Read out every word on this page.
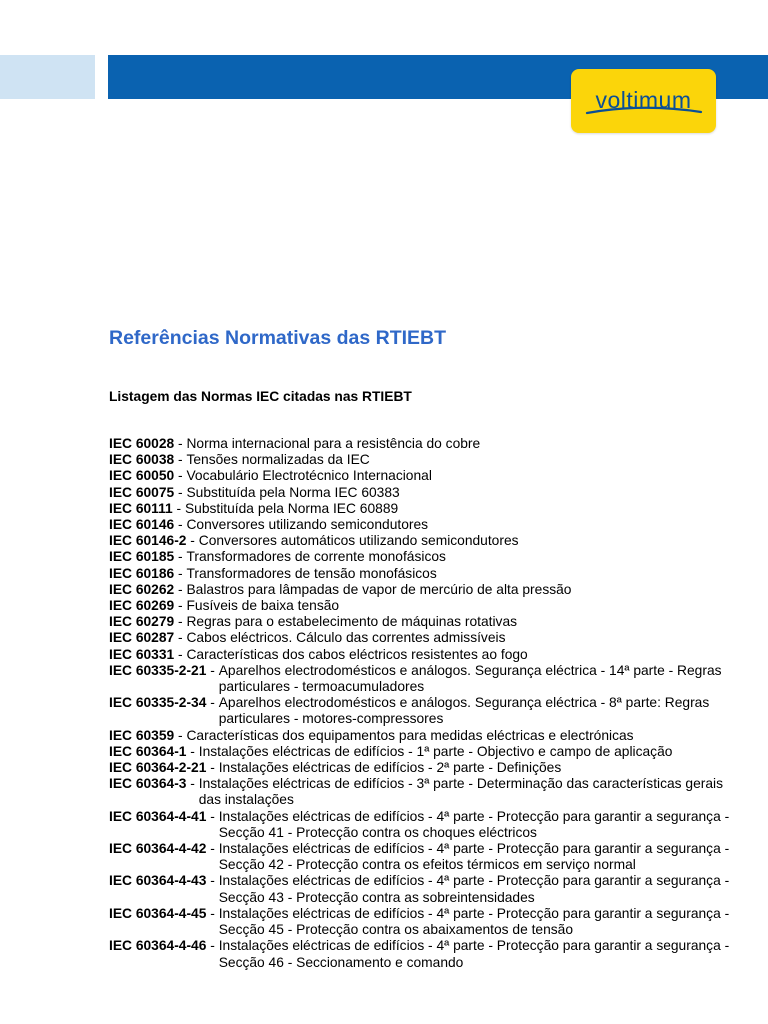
voltimum
Referências Normativas das RTIEBT
Listagem das Normas IEC citadas nas RTIEBT
IEC 60028 - Norma internacional para a resistência do cobre
IEC 60038 - Tensões normalizadas da IEC
IEC 60050 - Vocabulário Electrotécnico Internacional
IEC 60075 - Substituída pela Norma IEC 60383
IEC 60111 - Substituída pela Norma IEC 60889
IEC 60146 - Conversores utilizando semicondutores
IEC 60146-2 - Conversores automáticos utilizando semicondutores
IEC 60185 - Transformadores de corrente monofásicos
IEC 60186 - Transformadores de tensão monofásicos
IEC 60262 - Balastros para lâmpadas de vapor de mercúrio de alta pressão
IEC 60269 - Fusíveis de baixa tensão
IEC 60279 - Regras para o estabelecimento de máquinas rotativas
IEC 60287 - Cabos eléctricos. Cálculo das correntes admissíveis
IEC 60331 - Características dos cabos eléctricos resistentes ao fogo
IEC 60335-2-21 - Aparelhos electrodomésticos e análogos. Segurança eléctrica - 14ª parte - Regras particulares - termoacumuladores
IEC 60335-2-34 - Aparelhos electrodomésticos e análogos. Segurança eléctrica - 8ª parte: Regras particulares - motores-compressores
IEC 60359 - Características dos equipamentos para medidas eléctricas e electrónicas
IEC 60364-1 - Instalações eléctricas de edifícios - 1ª parte - Objectivo e campo de aplicação
IEC 60364-2-21 - Instalações eléctricas de edifícios - 2ª parte - Definições
IEC 60364-3 - Instalações eléctricas de edifícios - 3ª parte - Determinação das características gerais das instalações
IEC 60364-4-41 - Instalações eléctricas de edifícios - 4ª parte - Protecção para garantir a segurança - Secção 41 - Protecção contra os choques eléctricos
IEC 60364-4-42 - Instalações eléctricas de edifícios - 4ª parte - Protecção para garantir a segurança - Secção 42 - Protecção contra os efeitos térmicos em serviço normal
IEC 60364-4-43 - Instalações eléctricas de edifícios - 4ª parte - Protecção para garantir a segurança - Secção 43 - Protecção contra as sobreintensidades
IEC 60364-4-45 - Instalações eléctricas de edifícios - 4ª parte - Protecção para garantir a segurança - Secção 45 - Protecção contra os abaixamentos de tensão
IEC 60364-4-46 - Instalações eléctricas de edifícios - 4ª parte - Protecção para garantir a segurança - Secção 46 - Seccionamento e comando
